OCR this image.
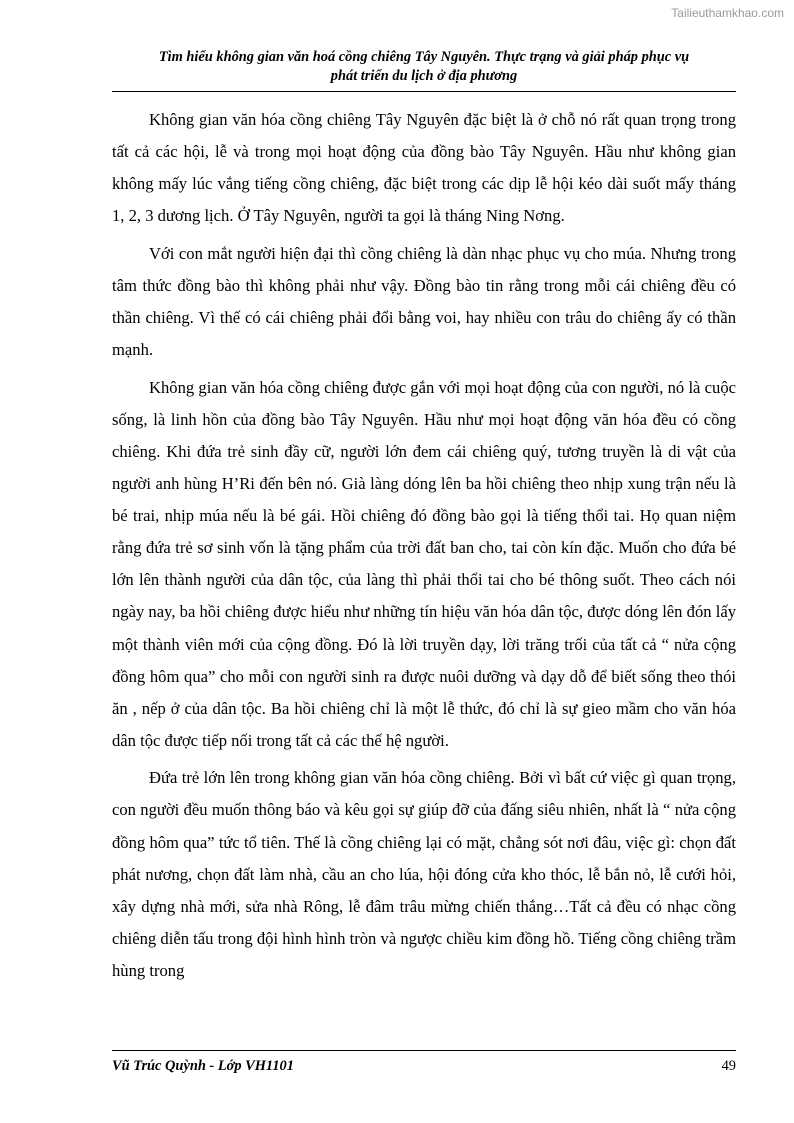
Tailieuthamkhao.com
Tìm hiểu không gian văn hoá cồng chiêng Tây Nguyên. Thực trạng và giải pháp phục vụ
phát triển du lịch ở địa phương

Không gian văn hóa cồng chiêng Tây Nguyên đặc biệt là ở chỗ nó rất quan trọng trong tất cả các hội, lễ và trong mọi hoạt động của đồng bào Tây Nguyên. Hầu như không gian không mấy lúc vắng tiếng cồng chiêng, đặc biệt trong các dịp lễ hội kéo dài suốt mấy tháng 1, 2, 3 dương lịch. Ở Tây Nguyên, người ta gọi là tháng Ning Nơng.

Với con mắt người hiện đại thì cồng chiêng là dàn nhạc phục vụ cho múa. Nhưng trong tâm thức đồng bào thì không phải như vậy. Đồng bào tin rằng trong mỗi cái chiêng đều có thần chiêng. Vì thế có cái chiêng phải đổi bằng voi, hay nhiều con trâu do chiêng ấy có thần mạnh.

Không gian văn hóa cồng chiêng được gắn với mọi hoạt động của con người, nó là cuộc sống, là linh hồn của đồng bào Tây Nguyên. Hầu như mọi hoạt động văn hóa đều có cồng chiêng. Khi đứa trẻ sinh đầy cữ, người lớn đem cái chiêng quý, tương truyền là di vật của người anh hùng H’Ri đến bên nó. Già làng dóng lên ba hồi chiêng theo nhịp xung trận nếu là bé trai, nhịp múa nếu là bé gái. Hồi chiêng đó đồng bào gọi là tiếng thổi tai. Họ quan niệm rằng đứa trẻ sơ sinh vốn là tặng phẩm của trời đất ban cho, tai còn kín đặc. Muốn cho đứa bé lớn lên thành người của dân tộc, của làng thì phải thổi tai cho bé thông suốt. Theo cách nói ngày nay, ba hồi chiêng được hiểu như những tín hiệu văn hóa dân tộc, được dóng lên đón lấy một thành viên mới của cộng đồng. Đó là lời truyền dạy, lời trăng trối của tất cả “ nửa cộng đồng hôm qua” cho mỗi con người sinh ra được nuôi dưỡng và dạy dỗ để biết sống theo thói ăn , nếp ở của dân tộc. Ba hồi chiêng chỉ là một lễ thức, đó chỉ là sự gieo mầm cho văn hóa dân tộc được tiếp nối trong tất cả các thế hệ người.

Đứa trẻ lớn lên trong không gian văn hóa cồng chiêng. Bởi vì bất cứ việc gì quan trọng, con người đều muốn thông báo và kêu gọi sự giúp đỡ của đấng siêu nhiên, nhất là “ nửa cộng đồng hôm qua” tức tổ tiên. Thế là cồng chiêng lại có mặt, chẳng sót nơi đâu, việc gì: chọn đất phát nương, chọn đất làm nhà, cầu an cho lúa, hội đóng cửa kho thóc, lễ bắn nỏ, lễ cưới hỏi, xây dựng nhà mới, sửa nhà Rông, lễ đâm trâu mừng chiến thắng…Tất cả đều có nhạc cồng chiêng diễn tấu trong đội hình hình tròn và ngược chiều kim đồng hồ. Tiếng cồng chiêng trầm hùng trong

Vũ Trúc Quỳnh - Lớp VH1101	49
